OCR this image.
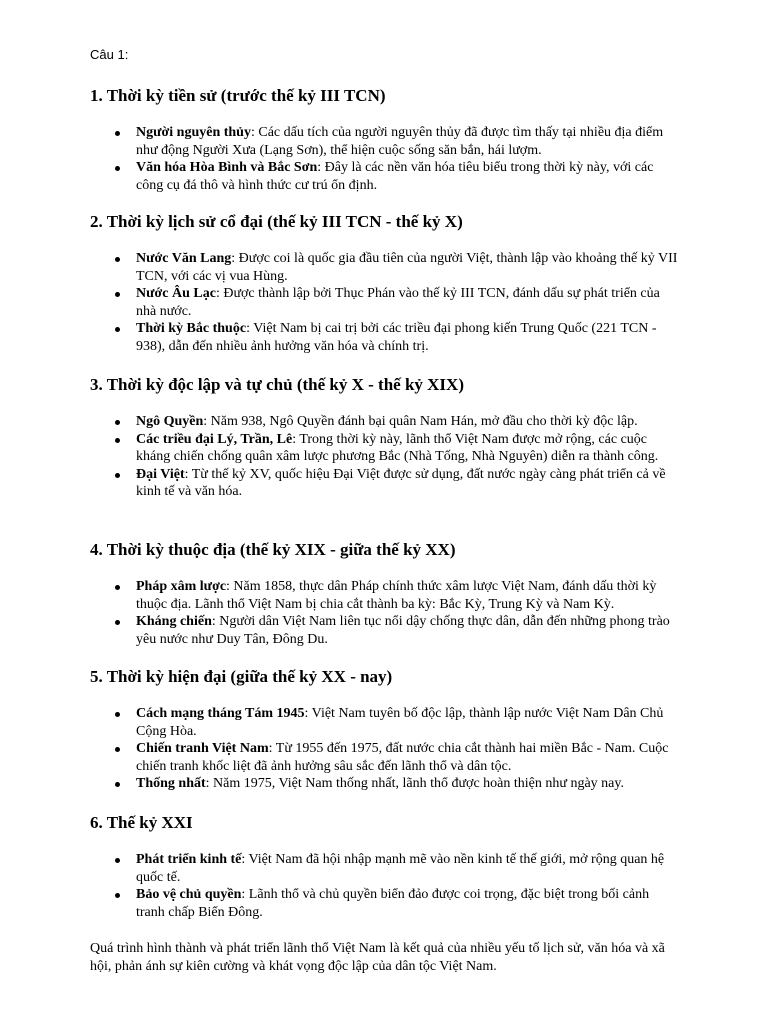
Câu 1:
1. Thời kỳ tiền sử (trước thế kỷ III TCN)
Người nguyên thủy: Các dấu tích của người nguyên thủy đã được tìm thấy tại nhiều địa điểm như động Người Xưa (Lạng Sơn), thể hiện cuộc sống săn bắn, hái lượm.
Văn hóa Hòa Bình và Bắc Sơn: Đây là các nền văn hóa tiêu biểu trong thời kỳ này, với các công cụ đá thô và hình thức cư trú ổn định.
2. Thời kỳ lịch sử cổ đại (thế kỷ III TCN - thế kỷ X)
Nước Văn Lang: Được coi là quốc gia đầu tiên của người Việt, thành lập vào khoảng thế kỷ VII TCN, với các vị vua Hùng.
Nước Âu Lạc: Được thành lập bởi Thục Phán vào thế kỷ III TCN, đánh dấu sự phát triển của nhà nước.
Thời kỳ Bắc thuộc: Việt Nam bị cai trị bởi các triều đại phong kiến Trung Quốc (221 TCN - 938), dẫn đến nhiều ảnh hưởng văn hóa và chính trị.
3. Thời kỳ độc lập và tự chủ (thế kỷ X - thế kỷ XIX)
Ngô Quyền: Năm 938, Ngô Quyền đánh bại quân Nam Hán, mở đầu cho thời kỳ độc lập.
Các triều đại Lý, Trần, Lê: Trong thời kỳ này, lãnh thổ Việt Nam được mở rộng, các cuộc kháng chiến chống quân xâm lược phương Bắc (Nhà Tống, Nhà Nguyên) diễn ra thành công.
Đại Việt: Từ thế kỷ XV, quốc hiệu Đại Việt được sử dụng, đất nước ngày càng phát triển cả về kinh tế và văn hóa.
4. Thời kỳ thuộc địa (thế kỷ XIX - giữa thế kỷ XX)
Pháp xâm lược: Năm 1858, thực dân Pháp chính thức xâm lược Việt Nam, đánh dấu thời kỳ thuộc địa. Lãnh thổ Việt Nam bị chia cắt thành ba kỳ: Bắc Kỳ, Trung Kỳ và Nam Kỳ.
Kháng chiến: Người dân Việt Nam liên tục nổi dậy chống thực dân, dẫn đến những phong trào yêu nước như Duy Tân, Đông Du.
5. Thời kỳ hiện đại (giữa thế kỷ XX - nay)
Cách mạng tháng Tám 1945: Việt Nam tuyên bố độc lập, thành lập nước Việt Nam Dân Chủ Cộng Hòa.
Chiến tranh Việt Nam: Từ 1955 đến 1975, đất nước chia cắt thành hai miền Bắc - Nam. Cuộc chiến tranh khốc liệt đã ảnh hưởng sâu sắc đến lãnh thổ và dân tộc.
Thống nhất: Năm 1975, Việt Nam thống nhất, lãnh thổ được hoàn thiện như ngày nay.
6. Thế kỷ XXI
Phát triển kinh tế: Việt Nam đã hội nhập mạnh mẽ vào nền kinh tế thế giới, mở rộng quan hệ quốc tế.
Bảo vệ chủ quyền: Lãnh thổ và chủ quyền biển đảo được coi trọng, đặc biệt trong bối cảnh tranh chấp Biển Đông.

Quá trình hình thành và phát triển lãnh thổ Việt Nam là kết quả của nhiều yếu tố lịch sử, văn hóa và xã hội, phản ánh sự kiên cường và khát vọng độc lập của dân tộc Việt Nam.
